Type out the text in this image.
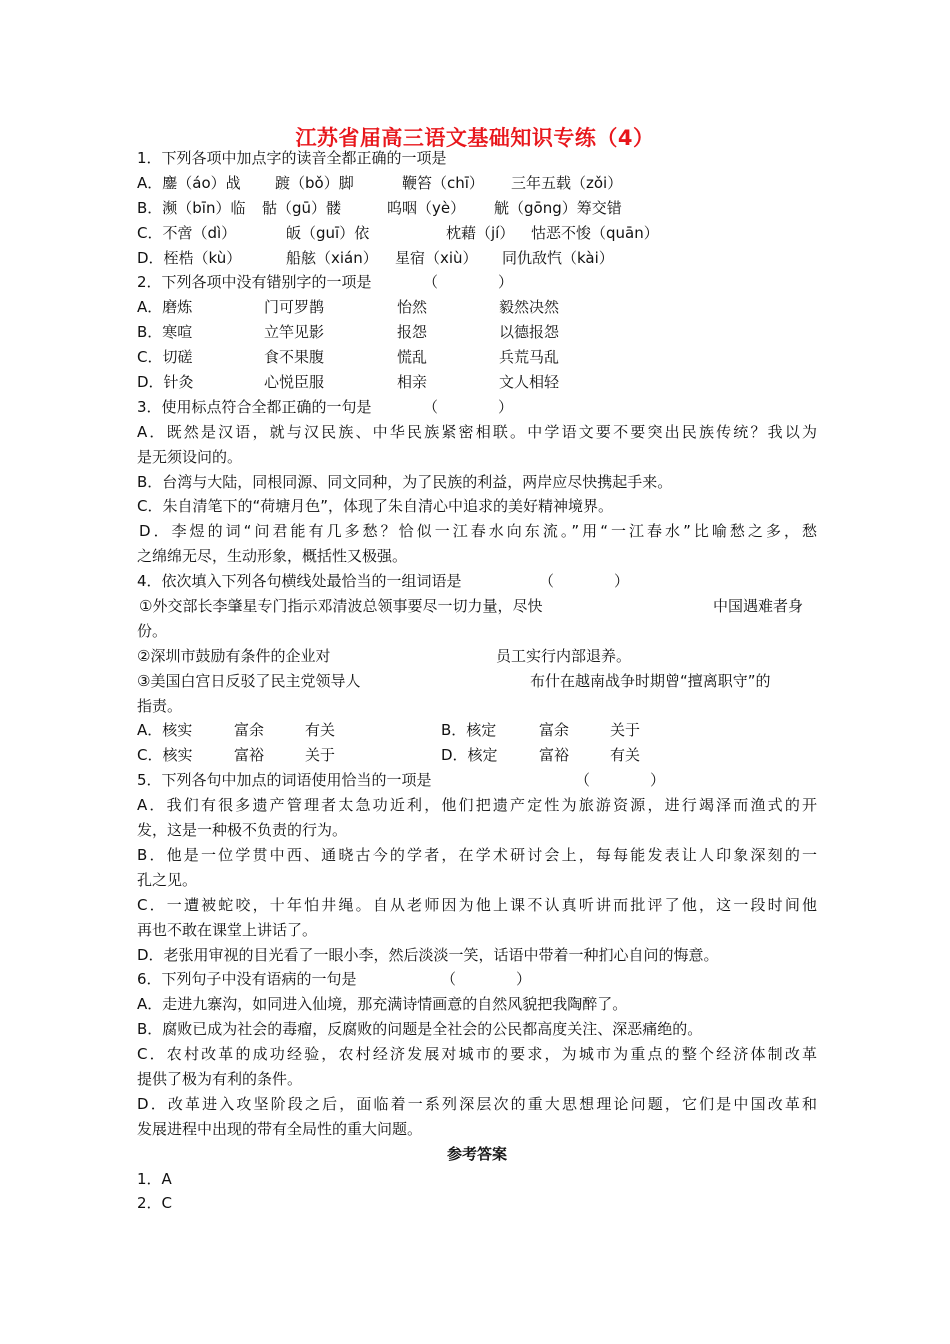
江苏省届高三语文基础知识专练（4）
1．下列各项中加点字的读音全都正确的一项是
A．鏖（áo）战 踱（bǒ）脚	鞭笞（chī） 三年五载（zǒi）
B．濒（bīn）临 骷（gū）髅	呜咽（yè） 觥（gōng）筹交错
C．不啻（dì）	皈（guī）依	枕藉（jí） 怙恶不悛（quān）
D．桎梏（kù）	船舷（xián） 星宿（xiù） 同仇敌忾（kài）
2．下列各项中没有错别字的一项是	（　　　　）
A．磨炼	门可罗鹊	怡然	毅然决然
B．寒喧	立竿见影	报怨	以德报怨
C．切磋	食不果腹	慌乱	兵荒马乱
D．针灸	心悦臣服	相亲	文人相轻
3．使用标点符合全都正确的一句是	（　　　　）
A．既然是汉语，就与汉民族、中华民族紧密相联。中学语文要不要突出民族传统？我以为
是无须设问的。
B．台湾与大陆，同根同源、同文同种，为了民族的利益，两岸应尽快携起手来。
C．朱自清笔下的“荷塘月色”，体现了朱自清心中追求的美好精神境界。
D．李煜的词“问君能有几多愁？恰似一江春水向东流。”用“一江春水”比喻愁之多，愁
之绵绵无尽，生动形象，概括性又极强。
4．依次填入下列各句横线处最恰当的一组词语是	（　　　　）
①外交部长李肇星专门指示邓清波总领事要尽一切力量，尽快	中国遇难者身
份。
②深圳市鼓励有条件的企业对	员工实行内部退养。
③美国白宫日反驳了民主党领导人	布什在越南战争时期曾“擅离职守”的
指责。
A．核实	富余	有关	B．核定	富余	关于
C．核实	富裕	关于	D．核定	富裕	有关
5．下列各句中加点的词语使用恰当的一项是	（　　　　）
A．我们有很多遗产管理者太急功近利，他们把遗产定性为旅游资源，进行竭泽而渔式的开
发，这是一种极不负责的行为。
B．他是一位学贯中西、通晓古今的学者，在学术研讨会上，每每能发表让人印象深刻的一
孔之见。
C．一遭被蛇咬，十年怕井绳。自从老师因为他上课不认真听讲而批评了他，这一段时间他
再也不敢在课堂上讲话了。
D．老张用审视的目光看了一眼小李，然后淡淡一笑，话语中带着一种扪心自问的悔意。
6．下列句子中没有语病的一句是	（　　　　）
A．走进九寨沟，如同进入仙境，那充满诗情画意的自然风貌把我陶醉了。
B．腐败已成为社会的毒瘤，反腐败的问题是全社会的公民都高度关注、深恶痛绝的。
C．农村改革的成功经验，农村经济发展对城市的要求，为城市为重点的整个经济体制改革
提供了极为有利的条件。
D．改革进入攻坚阶段之后，面临着一系列深层次的重大思想理论问题，它们是中国改革和
发展进程中出现的带有全局性的重大问题。
参考答案
1．A
2．C
